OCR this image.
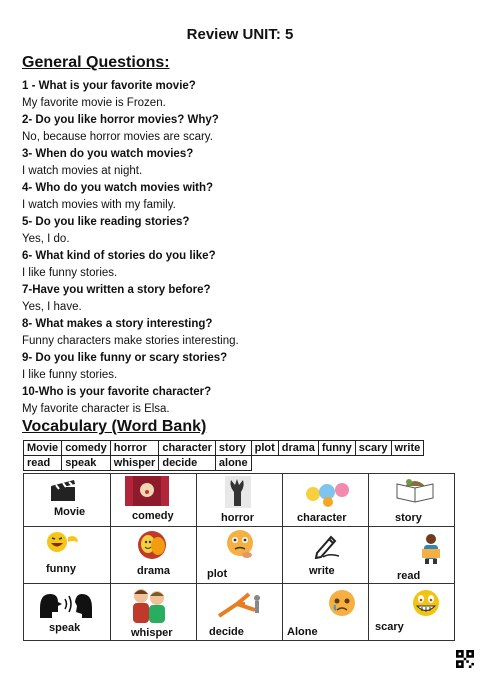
Review UNIT: 5
General Questions:
1 - What is your favorite movie?
My favorite movie is Frozen.
2- Do you like horror movies? Why?
No, because horror movies are scary.
3- When do you watch movies?
I watch movies at night.
4- Who do you watch movies with?
I watch movies with my family.
5- Do you like reading stories?
Yes, I do.
6- What kind of stories do you like?
I like funny stories.
7-Have you written a story before?
Yes, I have.
8- What makes a story interesting?
Funny characters make stories interesting.
9- Do you like funny or scary stories?
I like funny stories.
10-Who is your favorite character?
My favorite character is Elsa.
Vocabulary (Word Bank)
Movie	comedy	horror	character	story	plot	drama	funny	scary	write
read	speak	whisper	decide	alone					
Movie	comedy	horror	character	story
funny	drama	plot	write	read
speak	whisper	decide	Alone	scary
